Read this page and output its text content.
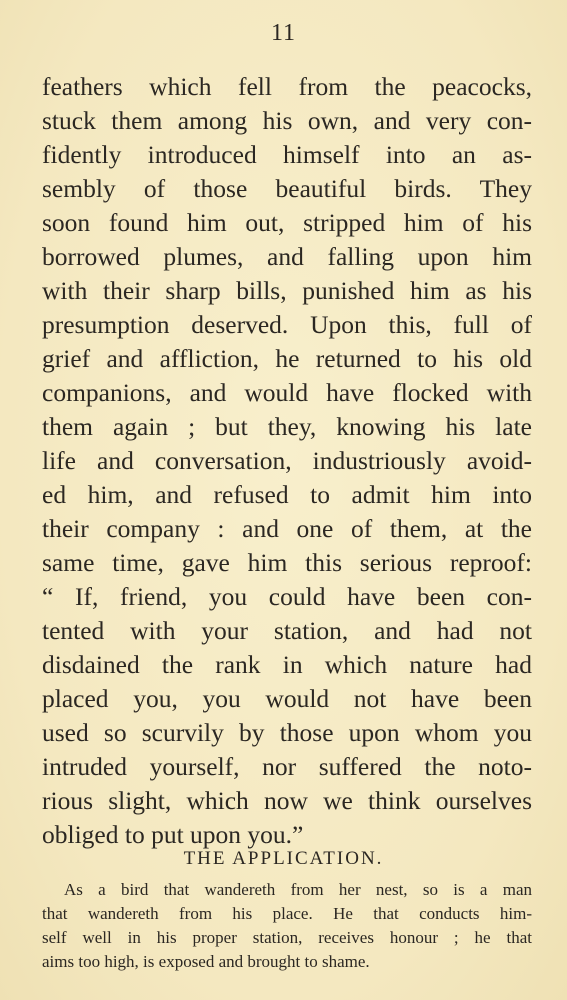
11
feathers which fell from the peacocks,
stuck them among his own, and very con-
fidently introduced himself into an as-
sembly of those beautiful birds. They
soon found him out, stripped him of his
borrowed plumes, and falling upon him
with their sharp bills, punished him as his
presumption deserved. Upon this, full of
grief and affliction, he returned to his old
companions, and would have flocked with
them again ; but they, knowing his late
life and conversation, industriously avoid-
ed him, and refused to admit him into
their company : and one of them, at the
same time, gave him this serious reproof:
“ If, friend, you could have been con-
tented with your station, and had not
disdained the rank in which nature had
placed you, you would not have been
used so scurvily by those upon whom you
intruded yourself, nor suffered the noto-
rious slight, which now we think ourselves
obliged to put upon you.”
THE APPLICATION.
As a bird that wandereth from her nest, so is a man
that wandereth from his place. He that conducts him-
self well in his proper station, receives honour ; he that
aims too high, is exposed and brought to shame.
